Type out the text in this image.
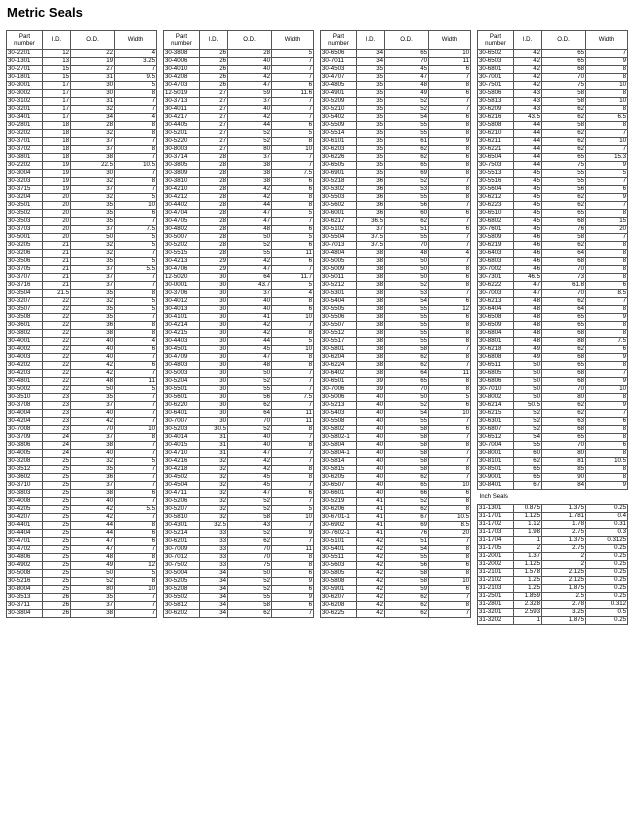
Metric Seals
Part number	I.D.	O.D.	Width
30-2201	12	22	4
30-1301	13	19	3.25
30-2701	15	27	7
30-1801	15	31	9.5
30-3001	17	30	5
30-3002	17	30	8
30-3102	17	31	7
30-3201	17	32	7
30-3401	17	34	4
30-2801	18	28	8
30-3202	18	32	8
30-3701	18	37	7
30-3702	18	37	8
30-3801	18	38	7
30-2202	19	22.5	10.5
30-3004	19	30	7
30-3203	19	32	8
30-3715	19	37	7
30-3204	20	32	5
30-3501	20	35	10
30-3502	20	35	6
30-3503	20	35	7
30-3703	20	37	7.5
30-5001	20	50	5
30-3205	21	32	5
30-3206	21	32	7
30-3506	21	35	5
30-3705	21	37	5.5
30-3707	21	37	7
30-3716	21	37	7
30-3504	21.5	35	8
30-3207	22	32	5
30-3507	22	35	5
30-3508	22	35	7
30-3601	22	36	8
30-3802	22	38	8
30-4001	22	40	4
30-4002	22	40	6
30-4003	22	40	7
30-4202	22	42	6
30-4203	22	42	7
30-4801	22	48	11
30-5002	22	50	5
30-3510	23	35	7
30-3708	23	37	7
30-4004	23	40	7
30-4204	23	42	7
30-7008	23	70	10
30-3709	24	37	8
30-3806	24	38	7
30-4005	24	40	7
30-3208	25	32	5
30-3512	25	35	7
30-3602	25	36	7
30-3710	25	37	7
30-3803	25	38	6
30-4008	25	40	7
30-4205	25	42	5.5
30-4207	25	42	7
30-4401	25	44	8
30-4404	25	44	6
30-4701	25	47	6
30-4702	25	47	7
30-4806	25	48	8
30-4902	25	49	12
30-5008	25	50	5
30-5216	25	52	8
30-8004	25	80	10
30-3513	26	35	7
30-3711	26	37	7
30-3804	26	38	7
Part number	I.D.	O.D.	Width
30-3808	26	28	5
30-4006	26	40	7
30-4010	26	40	7
30-4208	26	42	7
30-4703	26	47	6
12-5019	27	59	11.6
30-3713	27	37	7
30-4011	27	40	7
30-4217	27	42	7
30-4405	27	44	6
30-5201	27	52	5
30-5220	27	52	8
30-8003	27	80	10
30-3714	28	37	7
30-3805	28	38	7
30-3809	28	38	7.5
30-3810	28	38	6
30-4210	28	42	6
30-4212	28	42	8
30-4402	28	44	8
30-4704	28	47	5
30-4705	28	47	7
30-4802	28	48	6
30-5007	28	50	5
30-5202	28	52	6
30-5515	28	55	11
30-4213	29	42	6
30-4706	29	47	7
12-5020	30	64	11.7
30-0001	30	43.7	5
30-3706	30	37	4
30-4012	30	40	8
30-4013	30	40	6
30-4101	30	41	10
30-4214	30	42	7
30-4215	30	42	8
30-4403	30	44	5
30-4501	30	45	10
30-4709	30	47	8
30-4803	30	48	8
30-5003	30	50	7
30-5204	30	52	7
30-5501	30	55	7
30-5601	30	56	7.5
30-6220	30	62	7
30-6401	30	64	11
30-7007	30	70	11
30-5203	30.5	52	8
30-4014	31	40	7
30-4015	31	40	8
30-4710	31	47	7
30-4216	32	42	7
30-4218	32	42	8
30-4502	32	45	8
30-4504	32	45	7
30-4711	32	47	6
30-5206	32	52	7
30-5207	32	52	5
30-5810	32	58	10
30-4301	32.5	43	7
30-5214	33	52	9
30-6201	33	62	7
30-7009	33	70	11
30-7012	33	70	8
30-7502	33	75	8
30-5004	34	50	6
30-5205	34	52	9
30-5208	34	52	6
30-5502	34	55	9
30-5812	34	58	6
30-6202	34	62	7
Part number	I.D.	O.D.	Width
30-6506	34	65	10
30-7011	34	70	11
30-4503	35	45	6
30-4707	35	47	7
30-4805	35	48	8
30-4901	35	49	6
30-5209	35	52	7
30-5210	35	52	7
30-5402	35	54	6
30-5509	35	55	8
30-5514	35	55	8
30-6101	35	61	9
30-6203	35	62	8
30-6226	35	62	6
30-6505	35	65	8
30-6901	35	69	8
30-5218	36	52	7
30-5302	36	53	8
30-5503	36	55	8
30-5602	36	56	7
30-6001	36	60	6
30-6217	36.5	62	7
30-5102	37	51	6
30-5504	37.5	55	7
30-7013	37.5	70	7
30-4804	38	48	4
30-5005	38	50	7
30-5009	38	50	8
30-5011	38	50	6
30-5212	38	52	8
30-5301	38	53	7
30-5404	38	54	6
30-5505	38	55	12
30-5506	38	55	6
30-5507	38	55	8
30-5512	38	55	8
30-5517	38	55	8
30-5801	38	58	7
30-6204	38	62	8
30-6224	38	62	7
30-6402	38	64	11
30-6501	39	65	8
30-7006	39	70	8
30-5006	40	50	5
30-5213	40	52	6
30-5403	40	54	10
30-5508	40	55	7
30-5802	40	58	6
30-5802-1	40	58	7
30-5804	40	58	8
30-5804-1	40	58	7
30-5814	40	58	7
30-5815	40	58	8
30-6205	40	62	7
30-6507	40	65	10
30-6601	40	66	6
30-5219	41	52	8
30-6206	41	62	8
30-6701-1	41	67	10.5
30-6902	41	69	8.5
30-7602-1	41	76	20
30-5101	42	51	7
30-5401	42	54	8
30-5511	42	55	8
30-5603	42	56	6
30-5805	42	58	8
30-5808	42	58	10
30-5901	42	59	6
30-6207	42	62	7
30-6208	42	62	8
30-6225	42	62	7
Part number	I.D.	O.D.	Width
30-6502	42	65	7
30-6503	42	65	9
30-6801	42	68	8
30-7001	42	70	8
30-7501	42	75	10
30-5806	43	58	8
30-5813	43	58	10
30-6209	43	62	8
30-6216	43.5	62	6.5
30-5808	44	58	8
30-6210	44	62	7
30-6211	44	62	10
30-6221	44	62	7
30-6504	44	65	15.3
30-7503	44	75	9
30-5513	45	55	5
30-5516	45	55	7
30-5604	45	56	6
30-6212	45	62	9
30-6223	45	62	7
30-6510	45	65	8
30-6802	45	68	15
30-7601	45	76	20
30-5809	46	58	7
30-6219	46	62	8
30-6403	46	64	8
30-6803	46	68	8
30-7002	46	70	8
30-7301	46.5	73	8
30-6222	47	61.8	6
30-7003	47	70	8.5
30-6213	48	62	7
30-6404	48	64	8
30-6508	48	65	9
30-6509	48	65	8
30-6804	48	68	8
30-8801	48	88	7.5
30-6218	49	62	6
30-6808	49	68	9
30-6511	50	65	8
30-6805	50	68	7
30-6806	50	68	9
30-7010	50	70	10
30-8002	50	80	8
30-6214	50.5	62	9
30-6215	52	62	7
30-6301	52	63	6
30-6807	52	68	8
30-6512	54	65	8
30-7004	55	70	6
30-8001	60	80	8
30-8101	62	81	10.5
30-8501	65	85	8
30-9001	65	90	8
30-8401	67	84	9
Inch Seals			
31-1301	0.875	1.375	0.25
31-1701	1.125	1.781	0.4
31-1702	1.12	1.78	0.31
31-1703	1.98	2.75	0.3
31-1704	1	1.375	0.3125
31-1705	2	2.75	0.25
31-2001	1.37	2	0.25
31-2002	1.125	2	0.25
31-2101	1.578	2.125	0.25
31-2102	1.25	2.125	0.25
31-2103	1.25	1.875	0.25
31-2501	1.859	2.5	0.25
31-2801	2.328	2.78	0.312
31-3201	2.593	3.25	0.5
31-3202	1	1.875	0.25
